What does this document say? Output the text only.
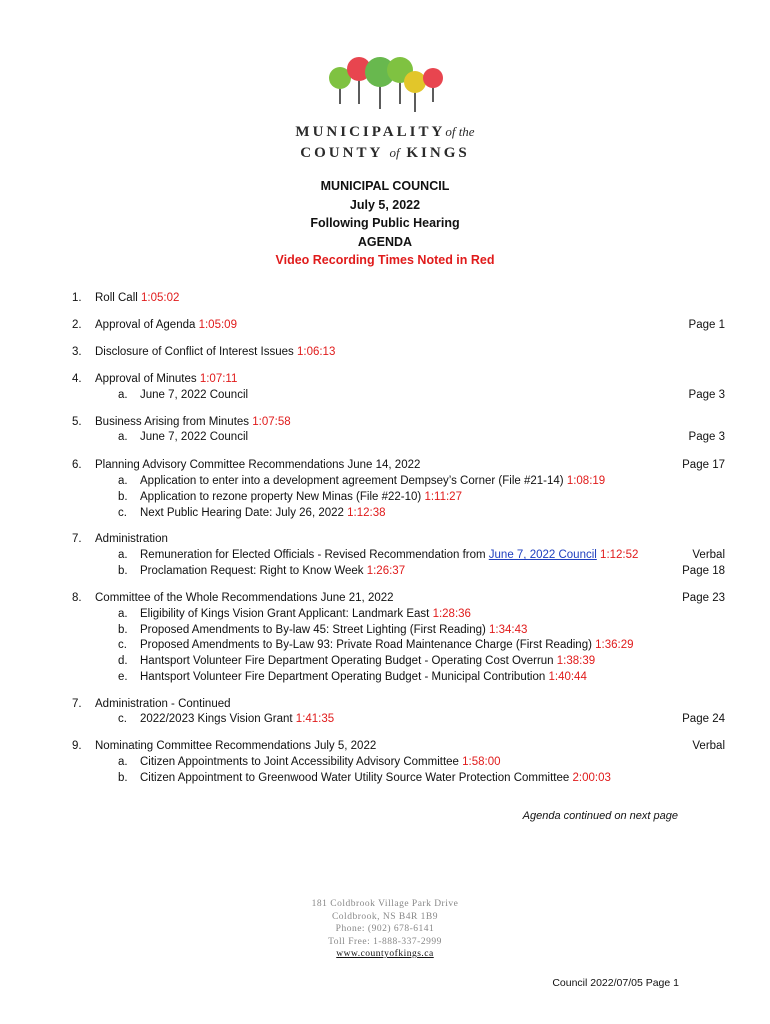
MUNICIPALITYof the
COUNTY of KINGS
MUNICIPAL COUNCIL
July 5, 2022
Following Public Hearing
AGENDA
Video Recording Times Noted in Red
1. Roll Call 1:05:02
2. Approval of Agenda 1:05:09	Page 1
3. Disclosure of Conflict of Interest Issues 1:06:13
4. Approval of Minutes 1:07:11
a. June 7, 2022 Council	Page 3
5. Business Arising from Minutes 1:07:58
a. June 7, 2022 Council	Page 3
6. Planning Advisory Committee Recommendations June 14, 2022	Page 17
a. Application to enter into a development agreement Dempsey’s Corner (File #21-14) 1:08:19
b. Application to rezone property New Minas (File #22-10) 1:11:27
c. Next Public Hearing Date: July 26, 2022 1:12:38
7. Administration
a. Remuneration for Elected Officials - Revised Recommendation from June 7, 2022 Council 1:12:52	Verbal
b. Proclamation Request: Right to Know Week 1:26:37	Page 18
8. Committee of the Whole Recommendations June 21, 2022	Page 23
a. Eligibility of Kings Vision Grant Applicant: Landmark East 1:28:36
b. Proposed Amendments to By-law 45: Street Lighting (First Reading) 1:34:43
c. Proposed Amendments to By-Law 93: Private Road Maintenance Charge (First Reading) 1:36:29
d. Hantsport Volunteer Fire Department Operating Budget - Operating Cost Overrun 1:38:39
e. Hantsport Volunteer Fire Department Operating Budget - Municipal Contribution 1:40:44
7. Administration - Continued
c. 2022/2023 Kings Vision Grant 1:41:35	Page 24
9. Nominating Committee Recommendations July 5, 2022	Verbal
a. Citizen Appointments to Joint Accessibility Advisory Committee 1:58:00
b. Citizen Appointment to Greenwood Water Utility Source Water Protection Committee 2:00:03
Agenda continued on next page
181 Coldbrook Village Park Drive
Coldbrook, NS B4R 1B9
Phone: (902) 678-6141
Toll Free: 1-888-337-2999
www.countyofkings.ca
Council 2022/07/05 Page 1
